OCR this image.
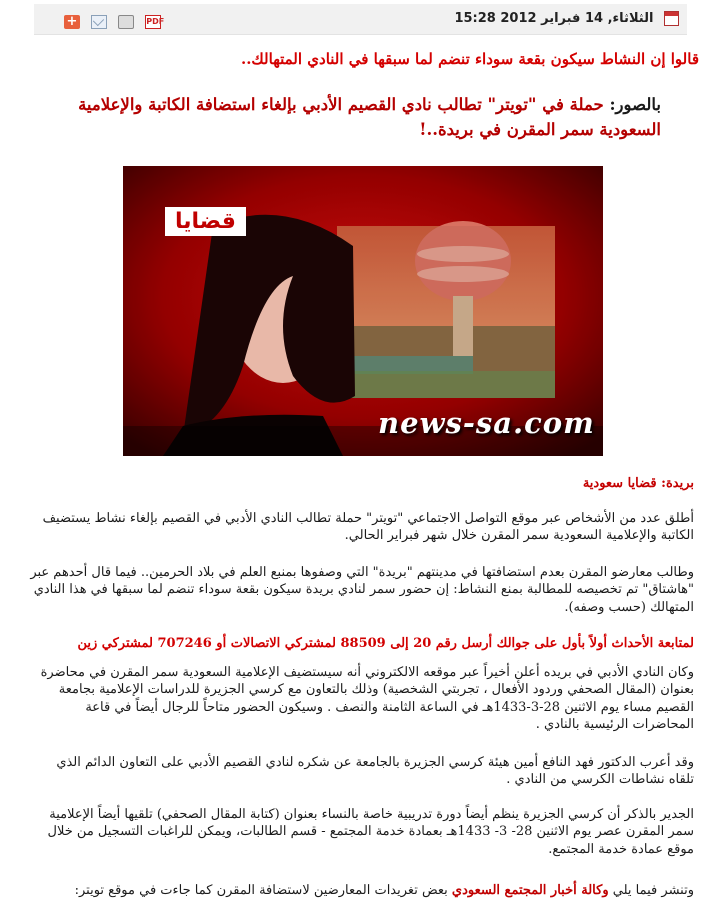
+	PDF	الثلاثاء, 14 فبراير 2012 15:28
قالوا إن النشاط سيكون بقعة سوداء تنضم لما سبقها في النادي المتهالك..
بالصور: حملة في "تويتر" تطالب نادي القصيم الأدبي بإلغاء استضافة الكاتبة والإعلامية السعودية سمر المقرن في بريدة..!
قضايا
news-sa.com
بريدة: قضايا سعودية
أطلق عدد من الأشخاص عبر موقع التواصل الاجتماعي "تويتر" حملة تطالب النادي الأدبي في القصيم بإلغاء نشاط يستضيف الكاتبة والإعلامية السعودية سمر المقرن خلال شهر فبراير الحالي.
وطالب معارضو المقرن بعدم استضافتها في مدينتهم "بريدة" التي وصفوها بمنبع العلم في بلاد الحرمين.. فيما قال أحدهم عبر "هاشتاق" تم تخصيصه للمطالبة بمنع النشاط: إن حضور سمر لنادي بريدة سيكون بقعة سوداء تنضم لما سبقها في هذا النادي المتهالك (حسب وصفه).
لمتابعة الأحداث أولاً بأول على جوالك أرسل رقم 20 إلى 88509 لمشتركي الاتصالات أو 707246 لمشتركي زين
وكان النادي الأدبي في بريده أعلن أخيراً عبر موقعه الالكتروني أنه سيستضيف الإعلامية السعودية سمر المقرن في محاضرة بعنوان (المقال الصحفي وردود الأفعال ، تجربتي الشخصية) وذلك بالتعاون مع كرسي الجزيرة للدراسات الإعلامية بجامعة القصيم مساء يوم الاثنين 28-3-1433هـ في الساعة الثامنة والنصف . وسيكون الحضور متاحاً للرجال أيضاً في قاعة المحاضرات الرئيسية بالنادي .
وقد أعرب الدكتور فهد النافع أمين هيئة كرسي الجزيرة بالجامعة عن شكره لنادي القصيم الأدبي على التعاون الدائم الذي تلقاه نشاطات الكرسي من النادي .
الجدير بالذكر أن كرسي الجزيرة ينظم أيضاً دورة تدريبية خاصة بالنساء بعنوان (كتابة المقال الصحفي) تلقيها أيضاً الإعلامية سمر المقرن عصر يوم الاثنين 28- 3- 1433هـ بعمادة خدمة المجتمع - قسم الطالبات، ويمكن للراغبات التسجيل من خلال موقع عمادة خدمة المجتمع.
وتنشر فيما يلي وكالة أخبار المجتمع السعودي بعض تغريدات المعارضين لاستضافة المقرن كما جاءت في موقع تويتر:
